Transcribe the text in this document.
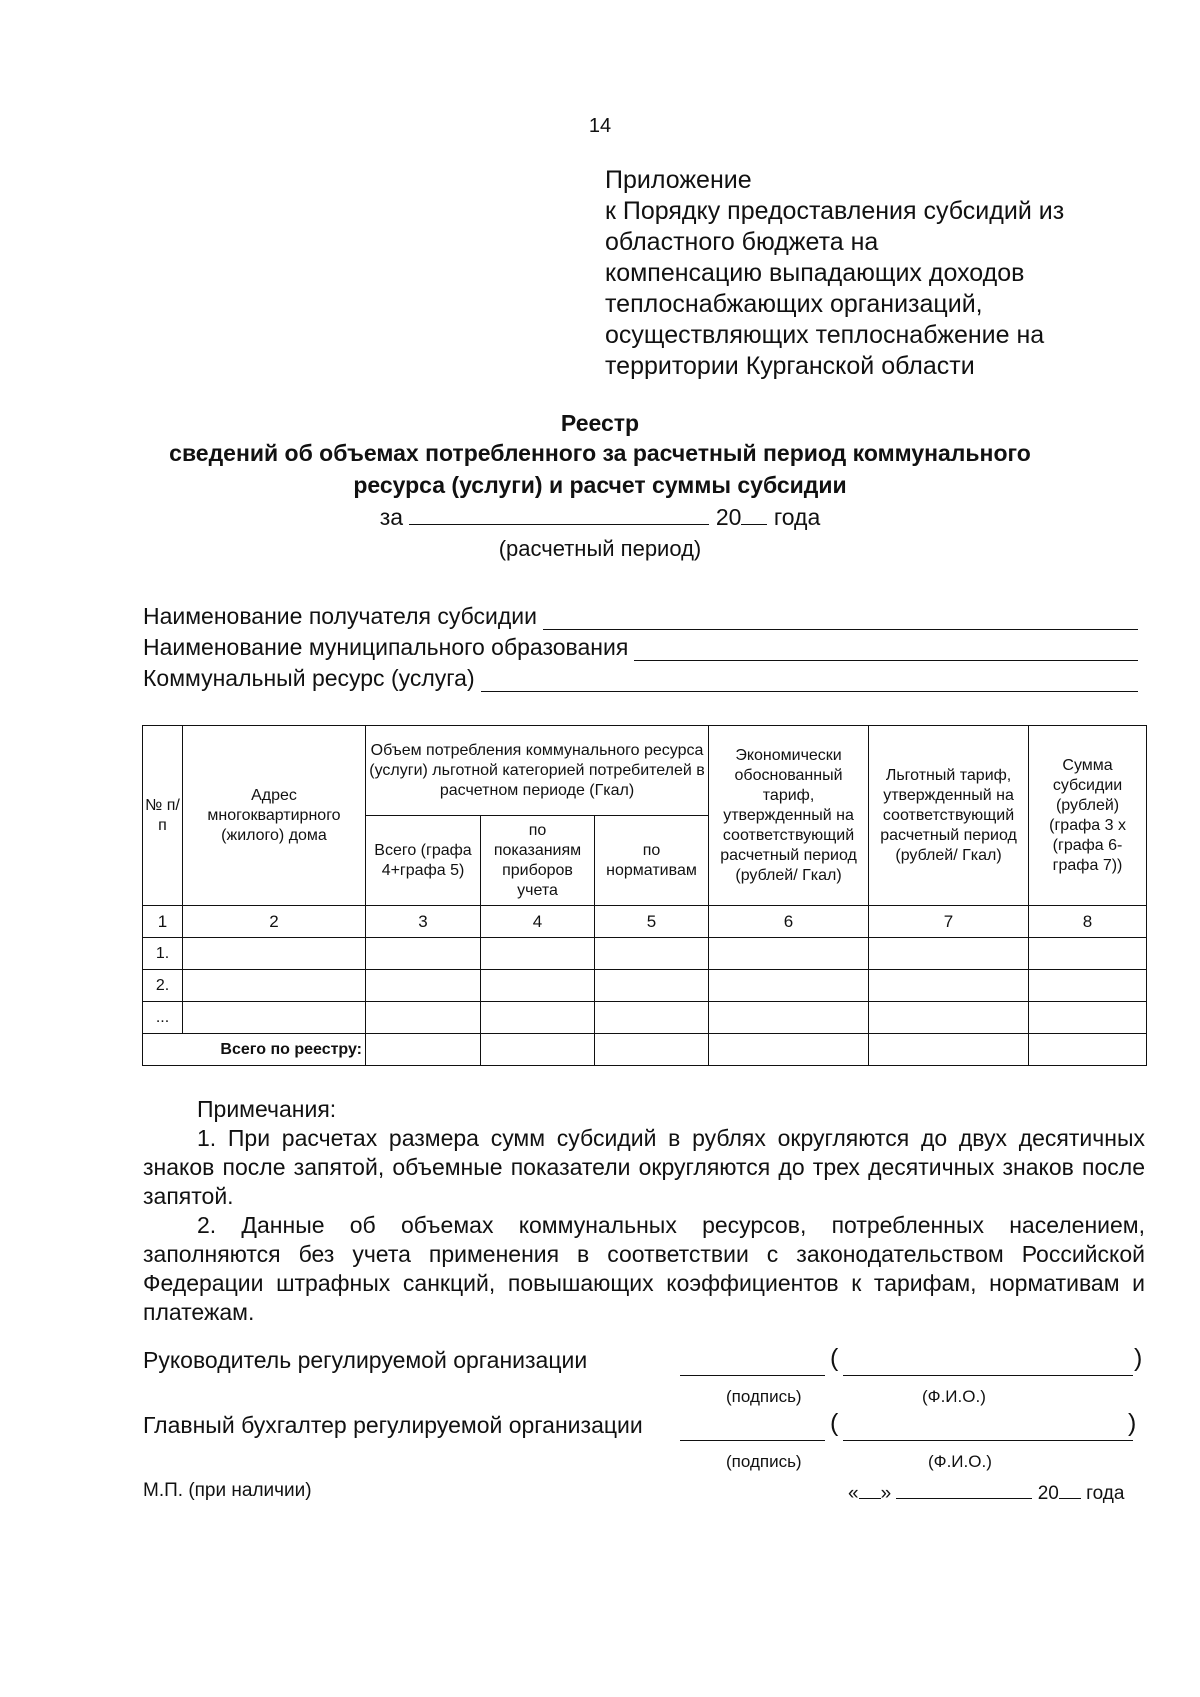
14
Приложение
к Порядку предоставления субсидий из
областного бюджета на
компенсацию выпадающих доходов
теплоснабжающих организаций,
осуществляющих теплоснабжение на
территории Курганской области
Реестр
сведений об объемах потребленного за расчетный период коммунального
ресурса (услуги) и расчет суммы субсидии
за	20 года
(расчетный период)
Наименование получателя субсидии
Наименование муниципального образования
Коммунальный ресурс (услуга)
№ п/п	Адрес многоквартирного (жилого) дома	Объем потребления коммунального ресурса (услуги) льготной категорией потребителей в расчетном периоде (Гкал)			Экономически обоснованный тариф, утвержденный на соответствующий расчетный период (рублей/ Гкал)	Льготный тариф, утвержденный на соответствующий расчетный период (рублей/ Гкал)	Сумма субсидии (рублей) (графа 3 х (графа 6-графа 7))
		Всего (графа 4+графа 5)	по показаниям приборов учета	по нормативам			
1	2	3	4	5	6	7	8
1.							
2.							
...							
Всего по реестру:							
Примечания:

1. При расчетах размера сумм субсидий в рублях округляются до двух десятичных знаков после запятой, объемные показатели округляются до трех десятичных знаков после запятой.

2. Данные об объемах коммунальных ресурсов, потребленных населением, заполняются без учета применения в соответствии с законодательством Российской Федерации штрафных санкций, повышающих коэффициентов к тарифам, нормативам и платежам.

Руководитель регулируемой организации	(	)
(подпись)	(Ф.И.О.)
Главный бухгалтер регулируемой организации	(	)
(подпись)	(Ф.И.О.)
М.П. (при наличии)	« »	20 года
